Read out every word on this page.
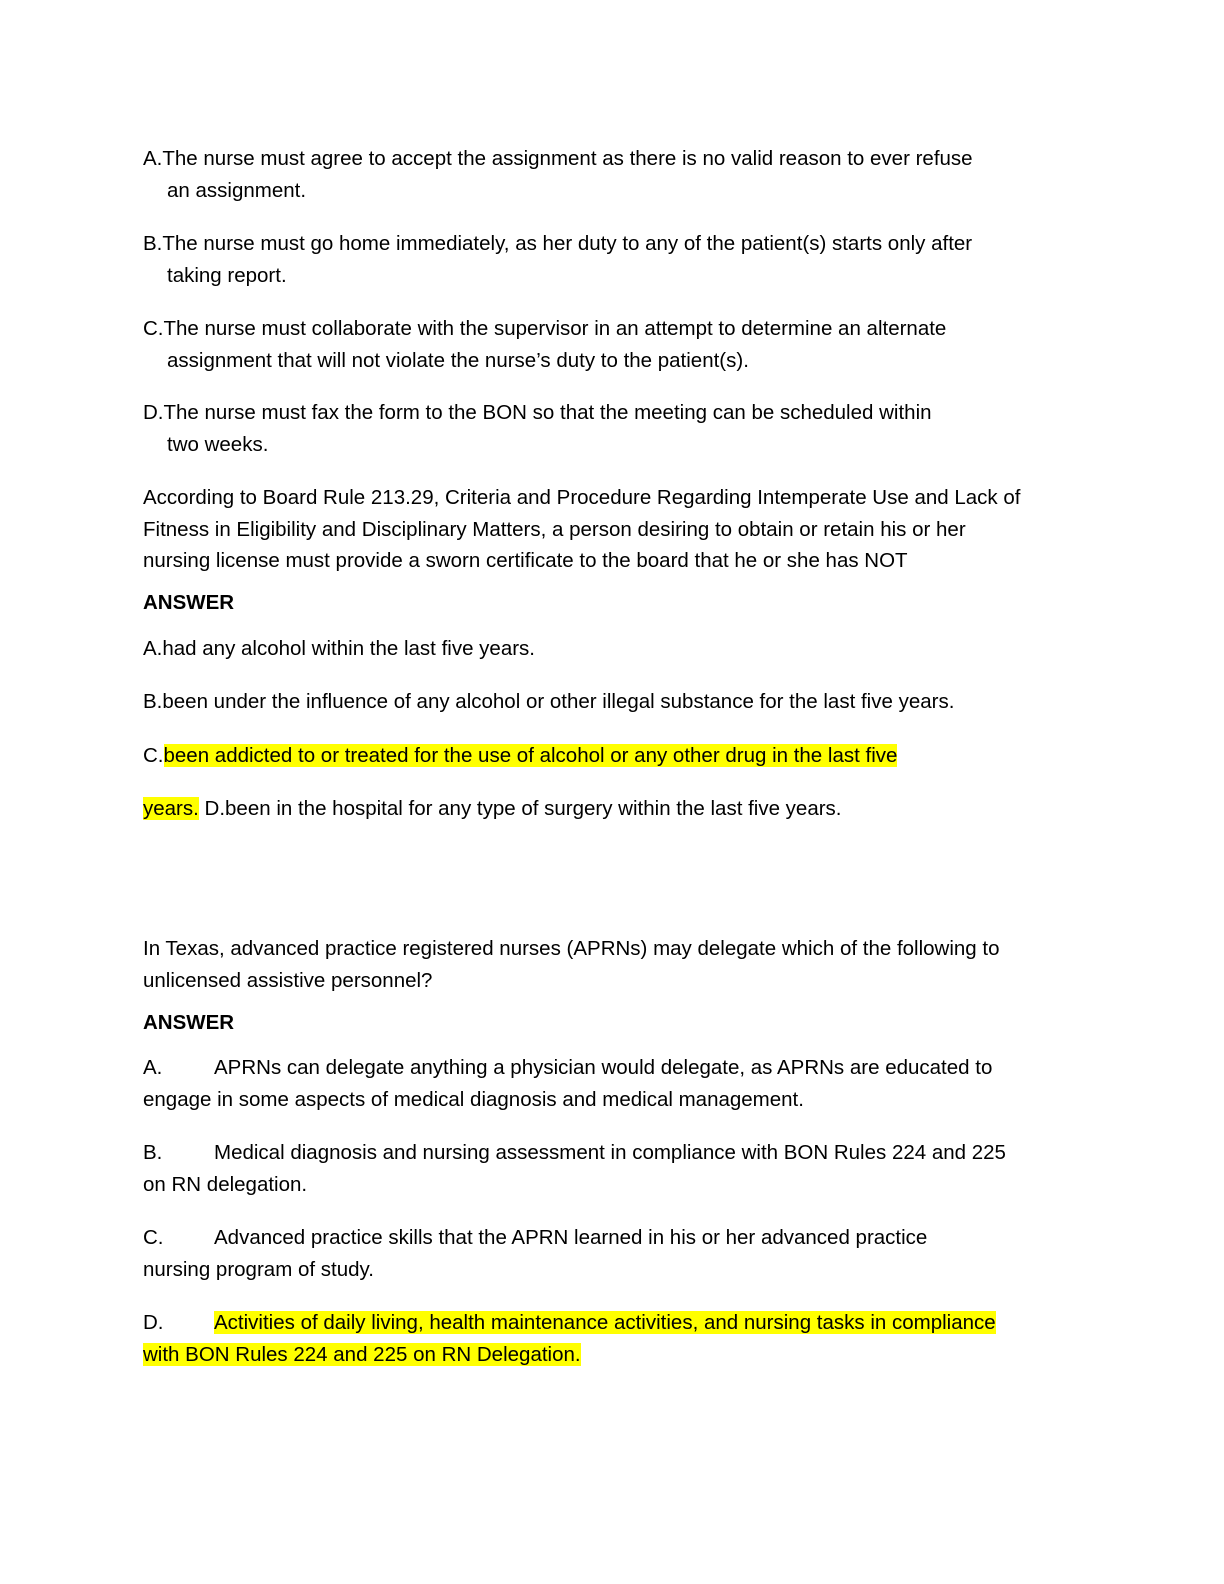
A.The nurse must agree to accept the assignment as there is no valid reason to ever refuse
an assignment.
B.The nurse must go home immediately, as her duty to any of the patient(s) starts only after
taking report.
C.The nurse must collaborate with the supervisor in an attempt to determine an alternate
assignment that will not violate the nurse’s duty to the patient(s).
D.The nurse must fax the form to the BON so that the meeting can be scheduled within
two weeks.
According to Board Rule 213.29, Criteria and Procedure Regarding Intemperate Use and Lack of
Fitness in Eligibility and Disciplinary Matters, a person desiring to obtain or retain his or her
nursing license must provide a sworn certificate to the board that he or she has NOT
ANSWER
A.had any alcohol within the last five years.
B.been under the influence of any alcohol or other illegal substance for the last five years.
C.been addicted to or treated for the use of alcohol or any other drug in the last five
years. D.been in the hospital for any type of surgery within the last five years.
In Texas, advanced practice registered nurses (APRNs) may delegate which of the following to
unlicensed assistive personnel?
ANSWER
A.	APRNs can delegate anything a physician would delegate, as APRNs are educated to
engage in some aspects of medical diagnosis and medical management.
B.	Medical diagnosis and nursing assessment in compliance with BON Rules 224 and 225
on RN delegation.
C. Advanced practice skills that the APRN learned in his or her advanced practice
nursing program of study.
D. Activities of daily living, health maintenance activities, and nursing tasks in compliance
with BON Rules 224 and 225 on RN Delegation.
